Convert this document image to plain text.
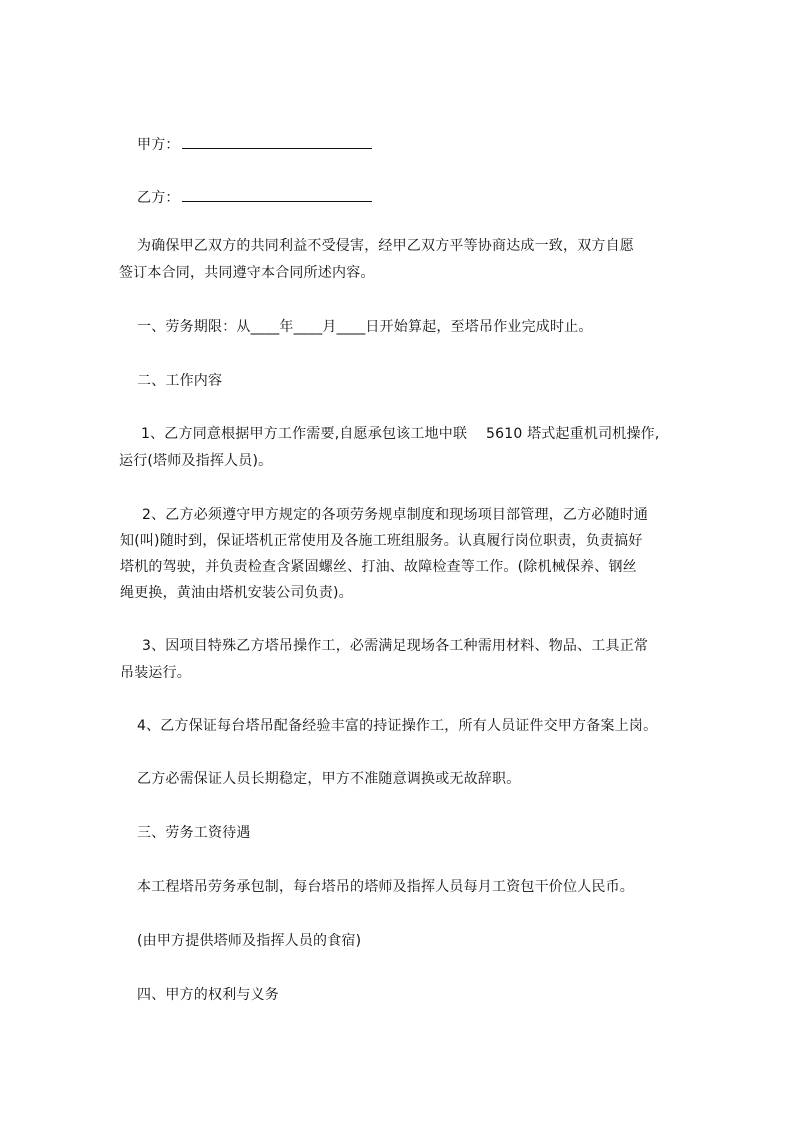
甲方：
乙方：
为确保甲乙双方的共同利益不受侵害，经甲乙双方平等协商达成一致，双方自愿
签订本合同，共同遵守本合同所述内容。
一、劳务期限：从____年____月____日开始算起，至塔吊作业完成时止。
二、工作内容
1、乙方同意根据甲方工作需要,自愿承包该工地中联　 5610 塔式起重机司机操作,
运行(塔师及指挥人员)。
2、乙方必须遵守甲方规定的各项劳务规卓制度和现场项目部管理，乙方必随时通
知(叫)随时到，保证塔机正常使用及各施工班组服务。认真履行岗位职责，负责搞好
塔机的驾驶，并负责检查含紧固螺丝、打油、故障检查等工作。(除机械保养、钢丝
绳更换，黄油由塔机安装公司负责)。
3、因项目特殊乙方塔吊操作工，必需满足现场各工种需用材料、物品、工具正常
吊装运行。
4、乙方保证每台塔吊配备经验丰富的持证操作工，所有人员证件交甲方备案上岗。
乙方必需保证人员长期稳定，甲方不准随意调换或无故辞职。
三、劳务工资待遇
本工程塔吊劳务承包制，每台塔吊的塔师及指挥人员每月工资包干价位人民币。
(由甲方提供塔师及指挥人员的食宿)
四、甲方的权利与义务
